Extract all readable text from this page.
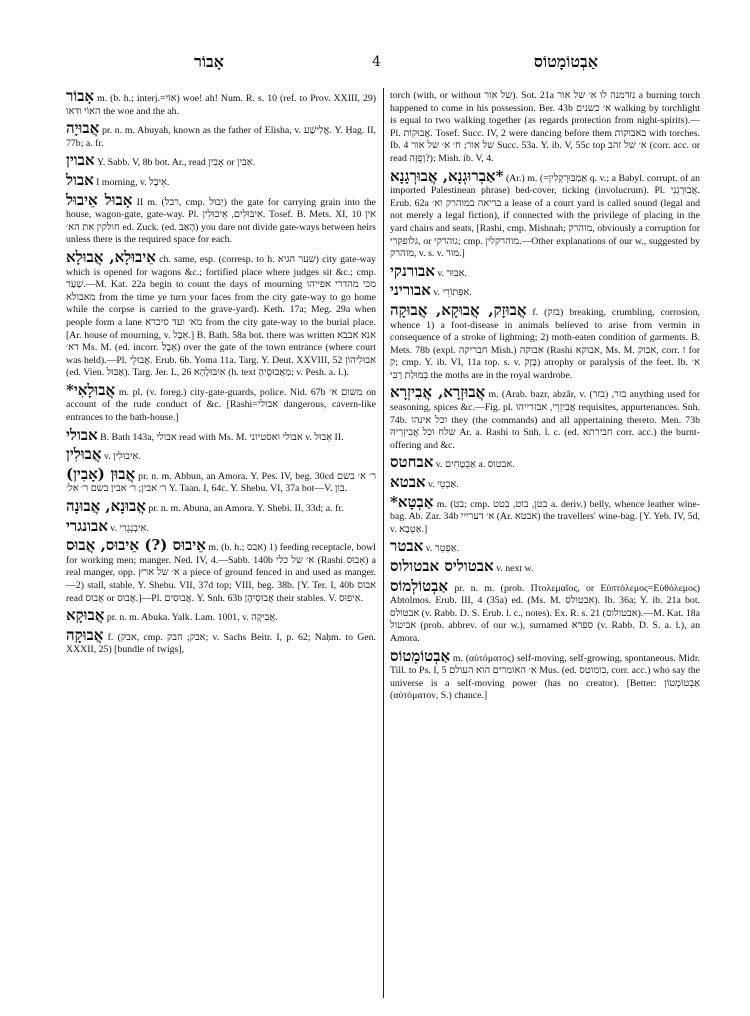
אָבוֹר	4	אַבְטוֹמָטוֹס

אָבוֹר m. (b. h.; interj.=אוֹי) woe! ah! Num. R. s. 10 (ref. to Prov. XXIII, 29) האוֹי ודאו the woe and the ah.

אֲבוּיָה pr. n. m. Abuyah, known as the father of Elisha, v. אֱלִישָׁע. Y. Ḥag. II, 77b; a. fr.

אבוין Y. Sabb. V, 8b bot. Ar., read אָבִין or אִבִין.

אבול I morning, v. אֵיבֶל.

אָבוּל אֵיבוּל II m. (רבל, cmp. יְבוּל) the gate for carrying grain into the house, wagon-gate, gate-way. Pl. אִיבּוּלִים, אֵיבוּלִין. Tosef. B. Mets. XI, 10 אין חולקין את הא׳ ed. Zuck. (ed. הָאַב) you dare not divide gate-ways between heirs unless there is the required space for each.

אֵיבוּלָא, אֲבוּלָא ch. same, esp. (corresp. to h. שער הגיא) city gate-way which is opened for wagons &c.; fortified place where judges sit &c.; cmp. שַׁעַר.—M. Kat. 22a begin to count the days of mourning מכי מהדרי אפייהו מאבולא from the time ye turn your faces from the city gate-way to go home while the corpse is carried to the grave-yard). Keth. 17a; Meg. 29a when people form a lane מא׳ ועד סיכרא from the city gate-way to the burial place. [Ar. house of mourning, v. אֵבֶל.] B. Bath. 58a bot. there was written אנא אבבא דא׳ Ms. M. (ed. incorr. אֵבֶל) over the gate of the town entrance (where court was held).—Pl. אֲבוּלֵי. Erub. 6b. Yoma 11a. Targ. Y. Deut. XXVIII, 52 אבוּלִיהוֹן (ed. Vien. אַבּוּל). Targ. Jer. L, 26 אִיבּוּלָהָא (h. text מַאֲבוּסֶיהָ; v. Pesh. a. l.).

אֲבוּלָאִי* m. pl. (v. foreg.) city-gate-guards, police. Nid. 67b משום א׳ on account of the rude conduct of &c. [Rashi=אבולי dangerous, cavern-like entrances to the bath-house.]

אבולי B. Bath 143a, אבולי read with Ms. M. אבולי ואסטיוני v. אֵבוּל II.

אֲבוּלִין v. אֵיבוּלִין.

אֲבוּן (אָבִין) pr. n. m. Abbun, an Amora. Y. Pes. IV, beg. 30cd ר׳ א׳ בשם ר׳ אבין; ר׳ אבין בשם ר׳ אל׳ Y. Taan. I, 64c. Y. Shebu. VI, 37a bot—V. בון.

אֲבוּנָא, אֲבוּנָה pr. n. m. Abuna, an Amora. Y. Shebi. II, 33d; a. fr.

אבונגרי v. אִיבְנְגָרִי.

אֵיבוּס (?) אֵיבוּס, אֲבוּס m. (b. h.; אבס) 1) feeding receptacle, bowl for working men; manger. Ned. IV, 4.—Sabb. 140b א׳ של כלי (Rashi אָבוּס) a real manger, opp. א׳ של ארץ a piece of ground fenced in and used as manger.—2) stall, stable. Y. Shebu. VII, 37d top; VIII, beg. 38b. [Y. Ter. I, 40b אבוס read אֲבוּס or אֲבוּס.]—Pl. אֲבוּסִים. Y. Snh. 63b אֲבוּסֵיהֶן their stables. V. אִיפוּס.

אֲבוּקָא pr. n. m. Abuka. Yalk. Lam. 1001, v. אֲבִיקָה.

אֲבוּקָה f. (אבק, cmp. אבק; חבק; v. Sachs Beitr. I, p. 62; Naḥm. to Gen. XXXII, 25) [bundle of twigs],

torch (with, or without של אור). Sot. 21a נזדמנה לו א׳ של אור a burning torch happened to come in his possession. Ber. 43b א׳ כשנים walking by torchlight is equal to two walking together (as regards protection from night-spirits).—Pl. אֲבוּקוֹת. Tosef. Succ. IV, 2 were dancing before them באבוקות with torches. Ib. 4 של אור; ח׳ א׳ של אור Succ. 53a. Y. ib. V, 55c top א׳ של זהב (corr. acc. or read וְפֻזָּה?); Mish. ib. V, 4.

*אַבְרוּגְנָא, אֲבוּרְגָנָא (Ar.) m. (=אַמְבּוּרְקְלִין q. v.; a Babyl. corrupt. of an imported Palestinean phrase) bed-cover, ticking (involucrum). Pl. אֲבוּרְגְנֵי. Erub. 62a בריאה במוהרק וא׳ a lease of a court yard is called sound (legal and not merely a legal fiction), if connected with the privilege of placing in the yard chairs and seats, [Rashi, cmp. Mishnah; מוהרק, obviously a corruption for גלופקרי, or גוהרקי; cmp. מוהרקלין.—Other explanations of our w., suggested by מוהרק, v. s. v. מוּר.]

אבורנקי v. אִבּוּר.

אבוריני v. אִפְּתוֹרֵי.

אֲבוּזָק, אֲבוּקָא, אֲבוּקָה f. (בזק) breaking, crumbling, corrosion, whence 1) a foot-disease in animals believed to arise from vermin in consequence of a stroke of lightning; 2) moth-eaten condition of garments. B. Mets. 78b (expl. חבריקה Mish.) אבוקה (Rashi אבוקא, Ms. M. אבוק, corr. ז for ק; cmp. Y. ib. VI, 11a top. s. v. בָּזָק) atrophy or paralysis of the feet. Ib. א׳ בְּמוּלַת רַבִּי the moths are in the royal wardrobe.

אֲבוּזְרָא, אֲבִיזְרָא m. (Arab. bazr, abzâr, v. בזר, (בזר) anything used for seasoning, spices &c.—Fig. pl. אֲבִיזְרֵי, אבזרייהו requisites, appurtenances. Snh. 74b. וכל אינהו they (the commands) and all appertaining thereto. Men. 73b שלח וכל אֲבִיזְרֵיהּ Ar. a. Rashi to Snh. l. c. (ed. חבירתא corr. acc.) the burnt-offering and &c.

אבחטס v. אַבְטַחִים a. אבטוס.

אבטא v. אַבְטֵי.

אַבְטָא* m. (בט; cmp. בטן, בוט, בטט a. deriv.) belly, whence leather wine-bag. Ab. Zar. 34b א׳ דערייי (Ar. אבטא) the travellers' wine-bag. [Y. Yeb. IV, 5d, v. אַטְּבָא.]

אבטר v. אַפְטֵר.

אבטוליס אבטולוס v. next w.

אַבְטוֹלְמוֹס pr. n. m. (prob. Πτολεμαῖος, or Εὐπτόλεμος=Εὐθόλεμος) Abtolmos. Erub. III, 4 (35a) ed. (Ms. M. אבטולס). Ib. 36a; Y. ib. 21a bot. אבטולס (v. Rabb. D. S. Erub. l. c., notes). Ex. R. s. 21 (אבטולוס).—M. Kat. 18a אביטול (prob. abbrev. of our w.), surnamed ספרא (v. Rabb. D. S. a. l.), an Amora.

אַבְטוֹמָטוֹס m. (αὐτόματος) self-moving, self-growing, spontaneous. Midr. Till. to Ps. I, 5 א׳ האומרים הוא העולם Mus. (ed. בומוטס, corr. acc.) who say the universe is a self-moving power (has no creator). [Better: אַבְטוֹמָטוֹן (αὐτόματον, S.) chance.]
